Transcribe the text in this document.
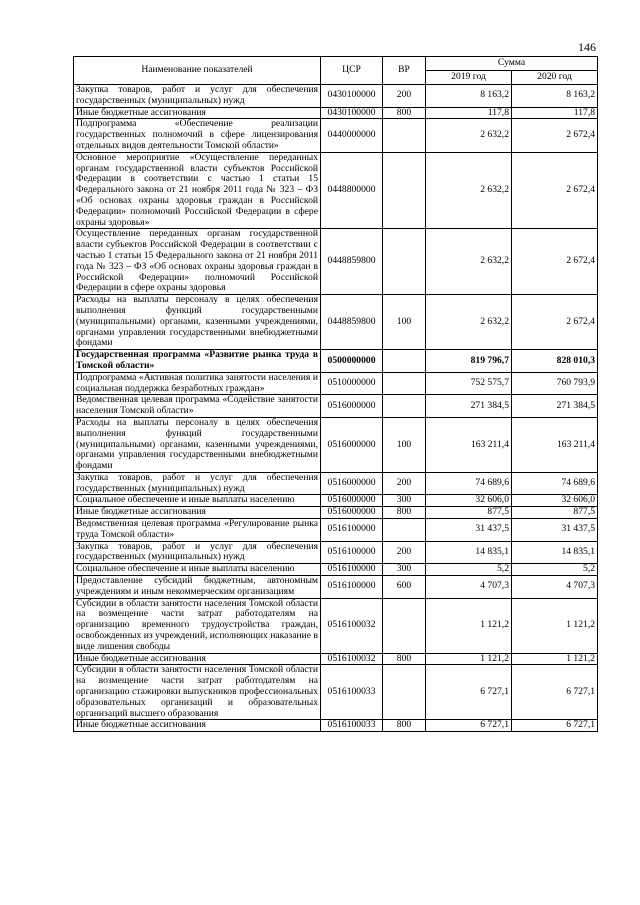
146
Наименование показателей	ЦСР	ВР	Сумма	
			2019 год	2020 год
Закупка товаров, работ и услуг для обеспечения государственных (муниципальных) нужд	0430100000	200	8 163,2	8 163,2
Иные бюджетные ассигнования	0430100000	800	117,8	117,8
Подпрограмма «Обеспечение реализации государственных полномочий в сфере лицензирования отдельных видов деятельности Томской области»	0440000000		2 632,2	2 672,4
Основное мероприятие «Осуществление переданных органам государственной власти субъектов Российской Федерации в соответствии с частью 1 статьи 15 Федерального закона от 21 ноября 2011 года № 323 – ФЗ «Об основах охраны здоровья граждан в Российской Федерации» полномочий Российской Федерации в сфере охраны здоровья»	0448800000		2 632,2	2 672,4
Осуществление переданных органам государственной власти субъектов Российской Федерации в соответствии с частью 1 статьи 15 Федерального закона от 21 ноября 2011 года № 323 – ФЗ «Об основах охраны здоровья граждан в Российской Федерации» полномочий Российской Федерации в сфере охраны здоровья	0448859800		2 632,2	2 672,4
Расходы на выплаты персоналу в целях обеспечения выполнения функций государственными (муниципальными) органами, казенными учреждениями, органами управления государственными внебюджетными фондами	0448859800	100	2 632,2	2 672,4
Государственная программа «Развитие рынка труда в Томской области»	0500000000		819 796,7	828 010,3
Подпрограмма «Активная политика занятости населения и социальная поддержка безработных граждан»	0510000000		752 575,7	760 793,9
Ведомственная целевая программа «Содействие занятости населения Томской области»	0516000000		271 384,5	271 384,5
Расходы на выплаты персоналу в целях обеспечения выполнения функций государственными (муниципальными) органами, казенными учреждениями, органами управления государственными внебюджетными фондами	0516000000	100	163 211,4	163 211,4
Закупка товаров, работ и услуг для обеспечения государственных (муниципальных) нужд	0516000000	200	74 689,6	74 689,6
Социальное обеспечение и иные выплаты населению	0516000000	300	32 606,0	32 606,0
Иные бюджетные ассигнования	0516000000	800	877,5	877,5
Ведомственная целевая программа «Регулирование рынка труда Томской области»	0516100000		31 437,5	31 437,5
Закупка товаров, работ и услуг для обеспечения государственных (муниципальных) нужд	0516100000	200	14 835,1	14 835,1
Социальное обеспечение и иные выплаты населению	0516100000	300	5,2	5,2
Предоставление субсидий бюджетным, автономным учреждениям и иным некоммерческим организациям	0516100000	600	4 707,3	4 707,3
Субсидии в области занятости населения Томской области на возмещение части затрат работодателям на организацию временного трудоустройства граждан, освобожденных из учреждений, исполняющих наказание в виде лишения свободы	0516100032		1 121,2	1 121,2
Иные бюджетные ассигнования	0516100032	800	1 121,2	1 121,2
Субсидии в области занятости населения Томской области на возмещение части затрат работодателям на организацию стажировки выпускников профессиональных образовательных организаций и образовательных организаций высшего образования	0516100033		6 727,1	6 727,1
Иные бюджетные ассигнования	0516100033	800	6 727,1	6 727,1
